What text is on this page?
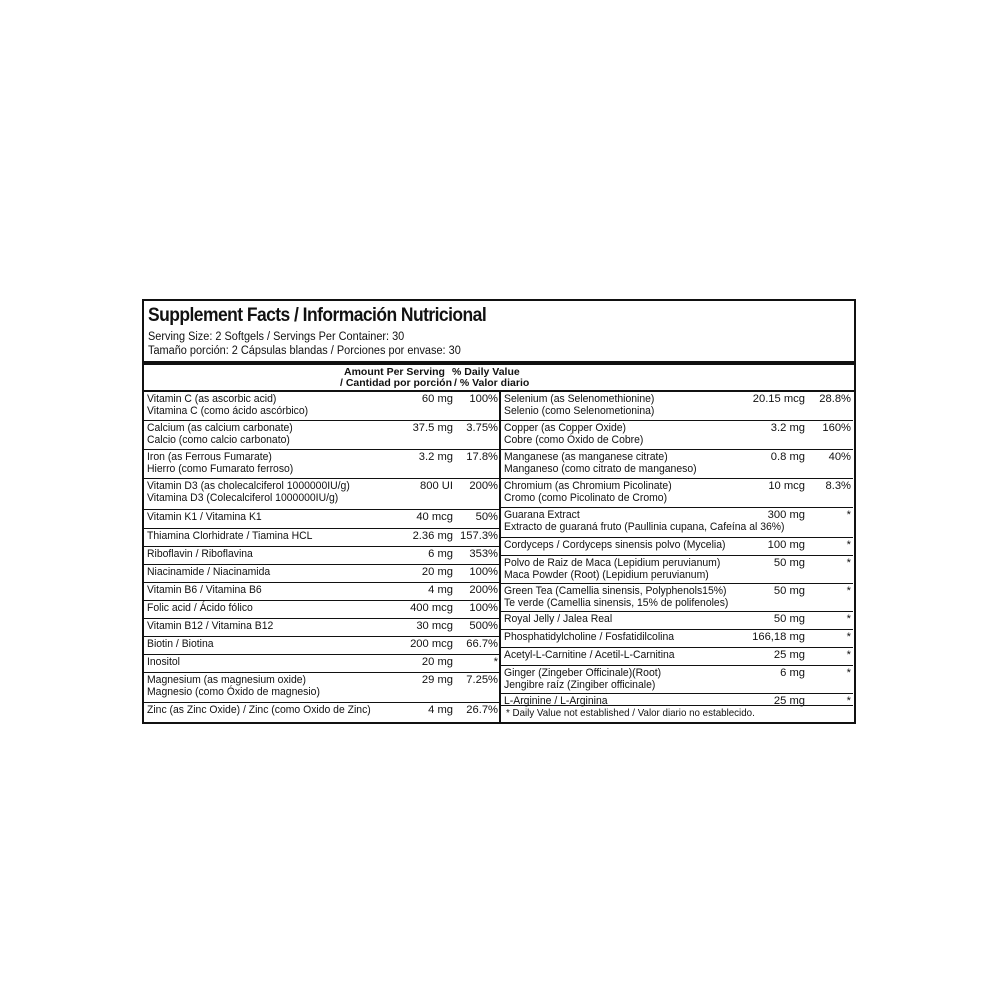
Supplement Facts / Información Nutricional
Serving Size: 2 Softgels / Servings Per Container: 30
Tamaño porción: 2 Cápsulas blandas / Porciones por envase: 30
Amount Per Serving % Daily Value
/ Cantidad por porción / % Valor diario
Vitamin C (as ascorbic acid)
Vitamina C (como ácido ascórbico)
60 mg 100%
Calcium (as calcium carbonate)
Calcio (como calcio carbonato)
37.5 mg 3.75%
Iron (as Ferrous Fumarate)
Hierro (como Fumarato ferroso)
3.2 mg 17.8%
Vitamin D3 (as cholecalciferol 1000000IU/g)
Vitamina D3 (Colecalciferol 1000000IU/g)
800 UI 200%
Vitamin K1 / Vitamina K1	40 mcg 50%
Thiamina Clorhidrate / Tiamina HCL	2.36 mg 157.3%
Riboflavin / Riboflavina	6 mg 353%
Niacinamide / Niacinamida	20 mg 100%
Vitamin B6 / Vitamina B6	4 mg 200%
Folic acid / Ácido fólico	400 mcg 100%
Vitamin B12 / Vitamina B12	30 mcg 500%
Biotin / Biotina	200 mcg 66.7%
Inositol	20 mg	*
Magnesium (as magnesium oxide)
Magnesio (como Óxido de magnesio)
29 mg 7.25%
Zinc (as Zinc Oxide) / Zinc (como Oxido de Zinc)	4 mg 26.7%
Selenium (as Selenomethionine)
Selenio (como Selenometionina)
20.15 mcg 28.8%
Copper (as Copper Oxide)
Cobre (como Óxido de Cobre)
3.2 mg 160%
Manganese (as manganese citrate)
Manganeso (como citrato de manganeso)
0.8 mg 40%
Chromium (as Chromium Picolinate)
Cromo (como Picolinato de Cromo)
10 mcg 8.3%
Guarana Extract
Extracto de guaraná fruto (Paullinia cupana, Cafeína al 36%)
300 mg	*
Cordyceps / Cordyceps sinensis polvo (Mycelia)	100 mg	*
Polvo de Raiz de Maca (Lepidium peruvianum)
Maca Powder (Root) (Lepidium peruvianum)
50 mg	*
Green Tea (Camellia sinensis, Polyphenols15%)
Te verde (Camellia sinensis, 15% de polifenoles)
50 mg	*
Royal Jelly / Jalea Real	50 mg	*
Phosphatidylcholine / Fosfatidilcolina	166,18 mg	*
Acetyl-L-Carnitine / Acetil-L-Carnitina	25 mg	*
Ginger (Zingeber Officinale)(Root)
Jengibre raíz (Zingiber officinale)
6 mg	*
L-Arginine / L-Arginina	25 mg	*
* Daily Value not established / Valor diario no establecido.
